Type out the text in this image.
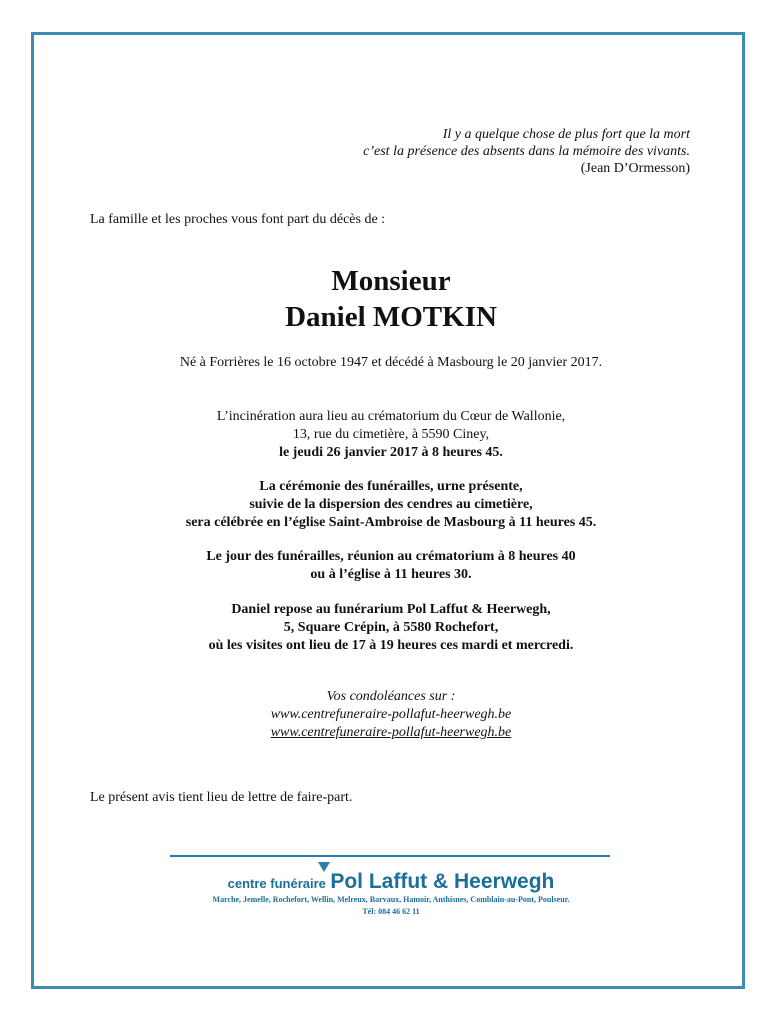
Il y a quelque chose de plus fort que la mort
c’est la présence des absents dans la mémoire des vivants.
(Jean D’Ormesson)
La famille et les proches vous font part du décès de :
Monsieur
Daniel MOTKIN
Né à Forrières le 16 octobre 1947 et décédé à Masbourg le 20 janvier 2017.
L’incinération aura lieu au crématorium du Cœur de Wallonie,
13, rue du cimetière, à 5590 Ciney,
le jeudi 26 janvier 2017 à 8 heures 45.
La cérémonie des funérailles, urne présente,
suivie de la dispersion des cendres au cimetière,
sera célébrée en l’église Saint-Ambroise de Masbourg à 11 heures 45.
Le jour des funérailles, réunion au crématorium à 8 heures 40
ou à l’église à 11 heures 30.
Daniel repose au funérarium Pol Laffut & Heerwegh,
5, Square Crépin, à 5580 Rochefort,
où les visites ont lieu de 17 à 19 heures ces mardi et mercredi.
Vos condoléances sur :
www.centrefuneraire-pollafut-heerwegh.be
www.centrefuneraire-pollafut-heerwegh.be
Le présent avis tient lieu de lettre de faire-part.
centre funéraire Pol Laffut & Heerwegh
Marche, Jemelle, Rochefort, Wellin, Melreux, Barvaux, Hamoir, Anthisnes, Comblain-au-Pont, Poulseur.
Tél: 084 46 62 11
